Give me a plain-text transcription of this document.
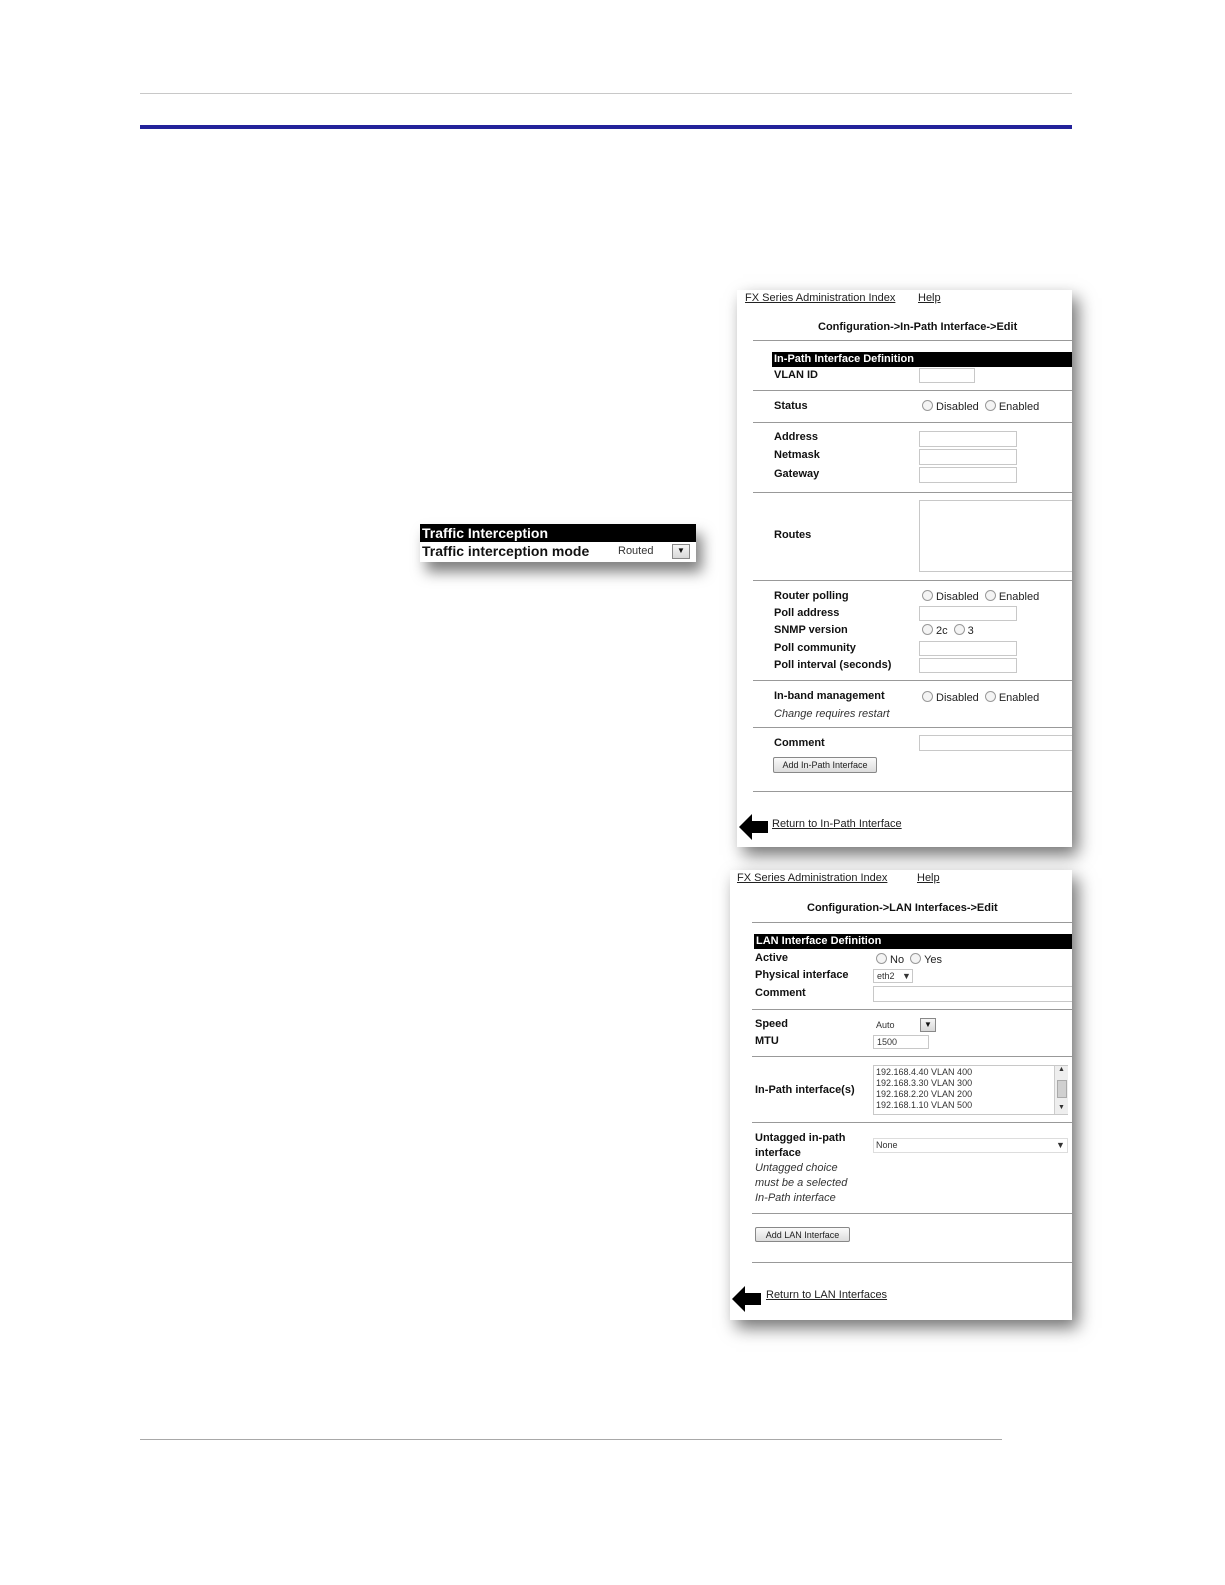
Traffic Interception
Traffic interception mode	Routed	▼
FX Series Administration Index Help
Configuration->In-Path Interface->Edit
In-Path Interface Definition
VLAN ID
Status	Disabled Enabled
Address
Netmask
Gateway
Routes
Router polling	Disabled Enabled
Poll address
SNMP version	2c 3
Poll community
Poll interval (seconds)
In-band management	Disabled Enabled
Change requires restart
Comment
Add In-Path Interface
Return to In-Path Interface
FX Series Administration Index	Help
Configuration->LAN Interfaces->Edit
LAN Interface Definition
Active	No Yes
Physical interface	eth2 ▼
Comment
Speed	Auto	▼
MTU	1500
In-Path interface(s)
192.168.4.40 VLAN 400
192.168.3.30 VLAN 300
192.168.2.20 VLAN 200
192.168.1.10 VLAN 500
▲
▼
Untagged in-path
interface
None	▼
Untagged choice
must be a selected
In-Path interface
Add LAN Interface
Return to LAN Interfaces
